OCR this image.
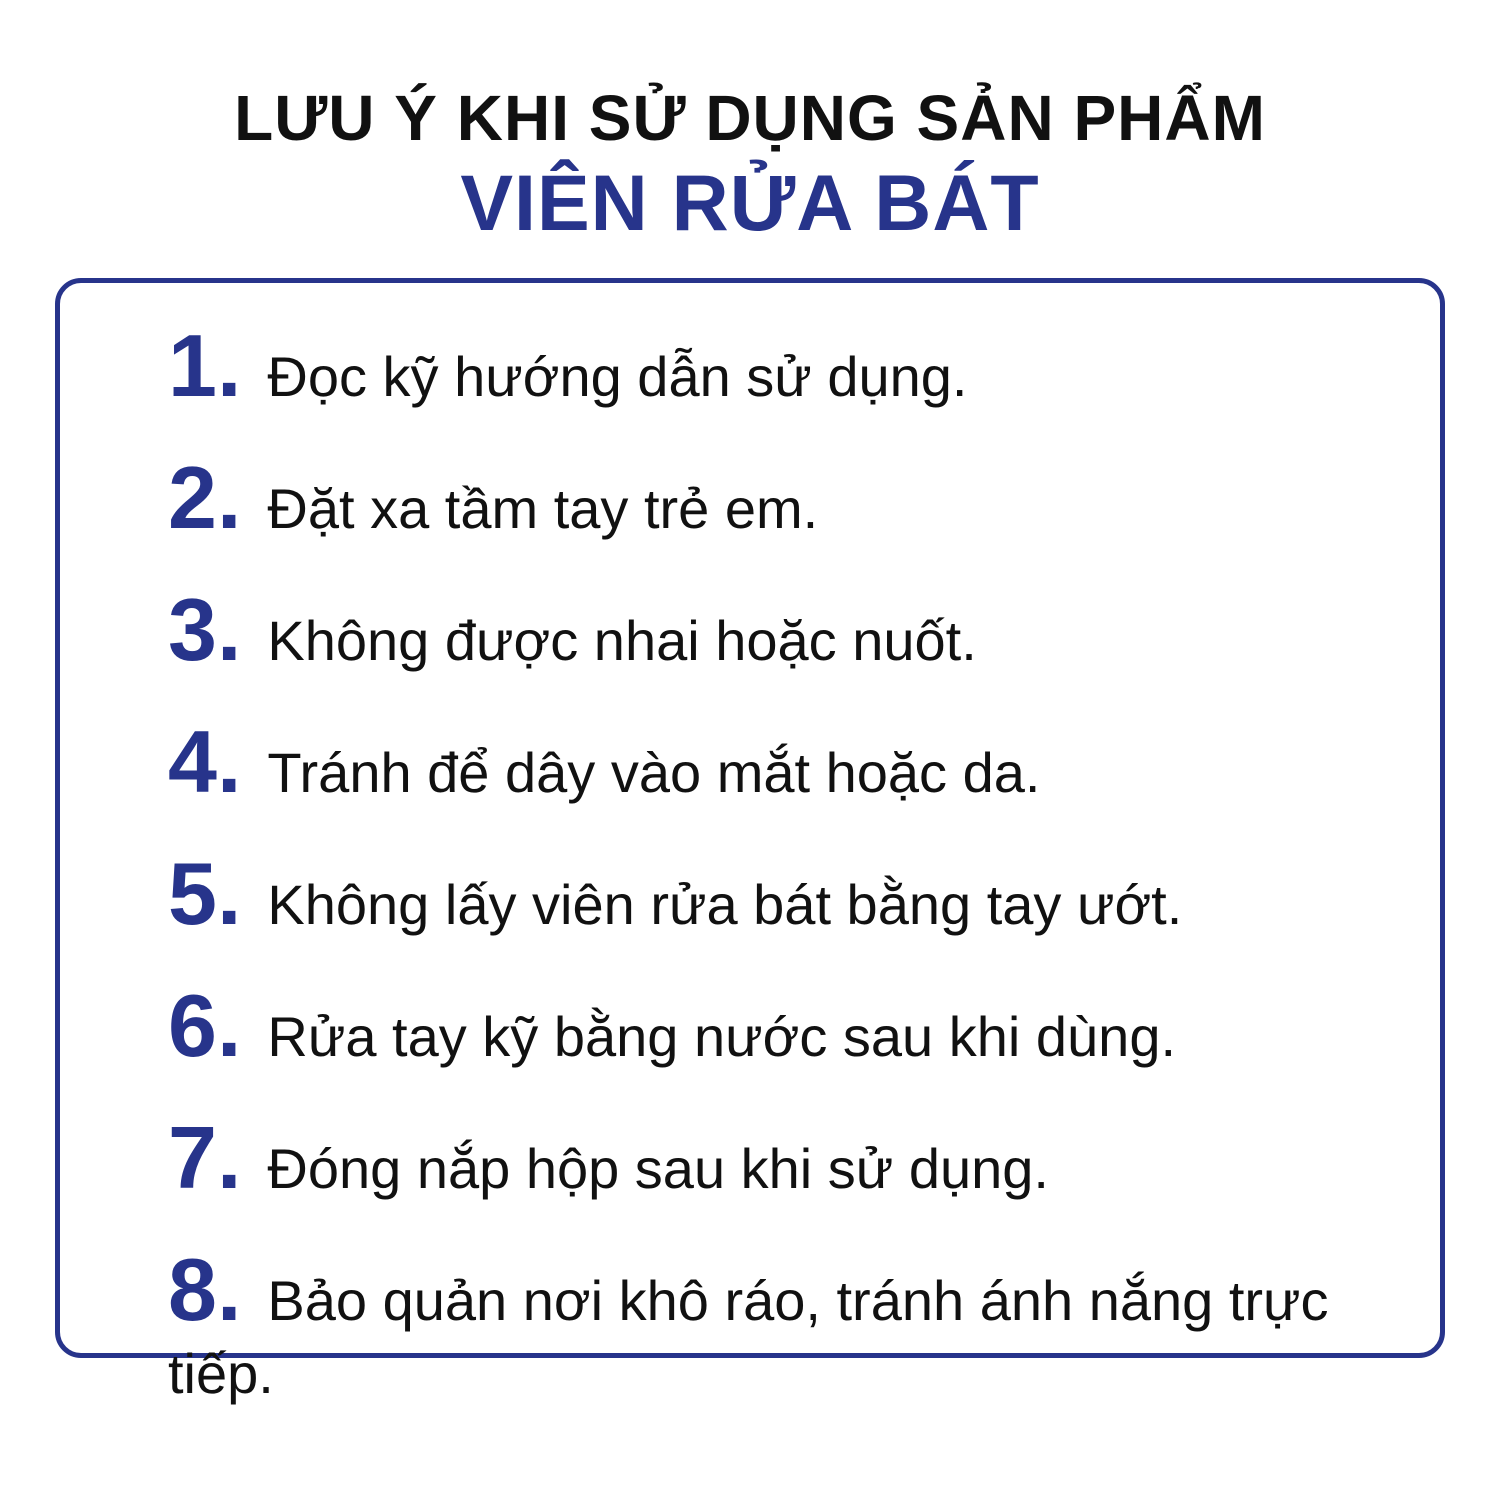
LƯU Ý KHI SỬ DỤNG SẢN PHẨM
VIÊN RỬA BÁT

1. Đọc kỹ hướng dẫn sử dụng.

2. Đặt xa tầm tay trẻ em.

3. Không được nhai hoặc nuốt.

4. Tránh để dây vào mắt hoặc da.

5. Không lấy viên rửa bát bằng tay ướt.

6. Rửa tay kỹ bằng nước sau khi dùng.

7. Đóng nắp hộp sau khi sử dụng.

8. Bảo quản nơi khô ráo, tránh ánh nắng trực tiếp.
